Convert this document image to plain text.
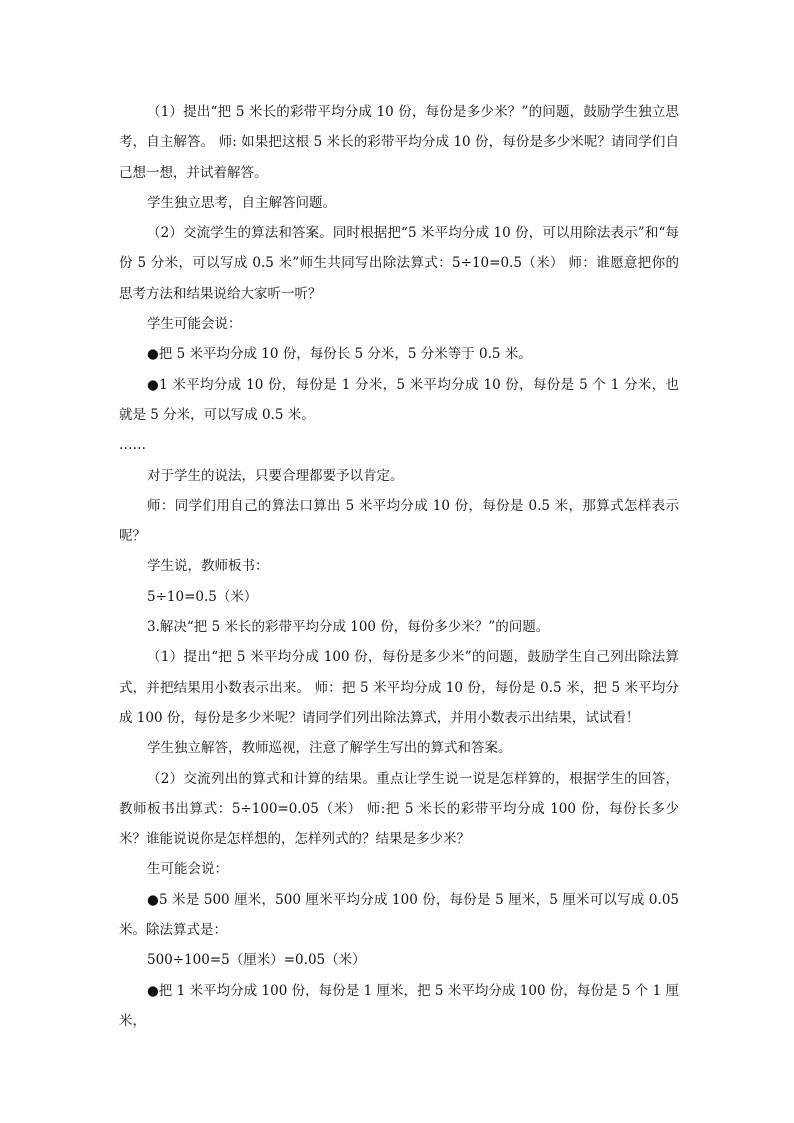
（1）提出“把 5 米长的彩带平均分成 10 份，每份是多少米？”的问题，鼓励学生独立思考，自主解答。 师: 如果把这根 5 米长的彩带平均分成 10 份，每份是多少米呢？请同学们自己想一想，并试着解答。

学生独立思考，自主解答问题。

（2）交流学生的算法和答案。同时根据把“5 米平均分成 10 份，可以用除法表示”和“每份 5 分米，可以写成 0.5 米”师生共同写出除法算式：5÷10=0.5（米） 师：谁愿意把你的思考方法和结果说给大家听一听？

学生可能会说：

●把 5 米平均分成 10 份，每份长 5 分米，5 分米等于 0.5 米。

●1 米平均分成 10 份，每份是 1 分米，5 米平均分成 10 份，每份是 5 个 1 分米，也就是 5 分米，可以写成 0.5 米。

……

对于学生的说法，只要合理都要予以肯定。

师：同学们用自己的算法口算出 5 米平均分成 10 份，每份是 0.5 米，那算式怎样表示呢？

学生说，教师板书：

5÷10=0.5（米）

3.解决“把 5 米长的彩带平均分成 100 份，每份多少米？”的问题。

（1）提出“把 5 米平均分成 100 份，每份是多少米”的问题，鼓励学生自己列出除法算式，并把结果用小数表示出来。 师：把 5 米平均分成 10 份，每份是 0.5 米，把 5 米平均分成 100 份，每份是多少米呢？请同学们列出除法算式，并用小数表示出结果，试试看！

学生独立解答，教师巡视，注意了解学生写出的算式和答案。

（2）交流列出的算式和计算的结果。重点让学生说一说是怎样算的，根据学生的回答，教师板书出算式：5÷100=0.05（米） 师:把 5 米长的彩带平均分成 100 份，每份长多少米？谁能说说你是怎样想的，怎样列式的？结果是多少米？

生可能会说：

●5 米是 500 厘米，500 厘米平均分成 100 份，每份是 5 厘米，5 厘米可以写成 0.05 米。除法算式是：

500÷100=5（厘米）=0.05（米）

●把 1 米平均分成 100 份，每份是 1 厘米，把 5 米平均分成 100 份，每份是 5 个 1 厘米，
